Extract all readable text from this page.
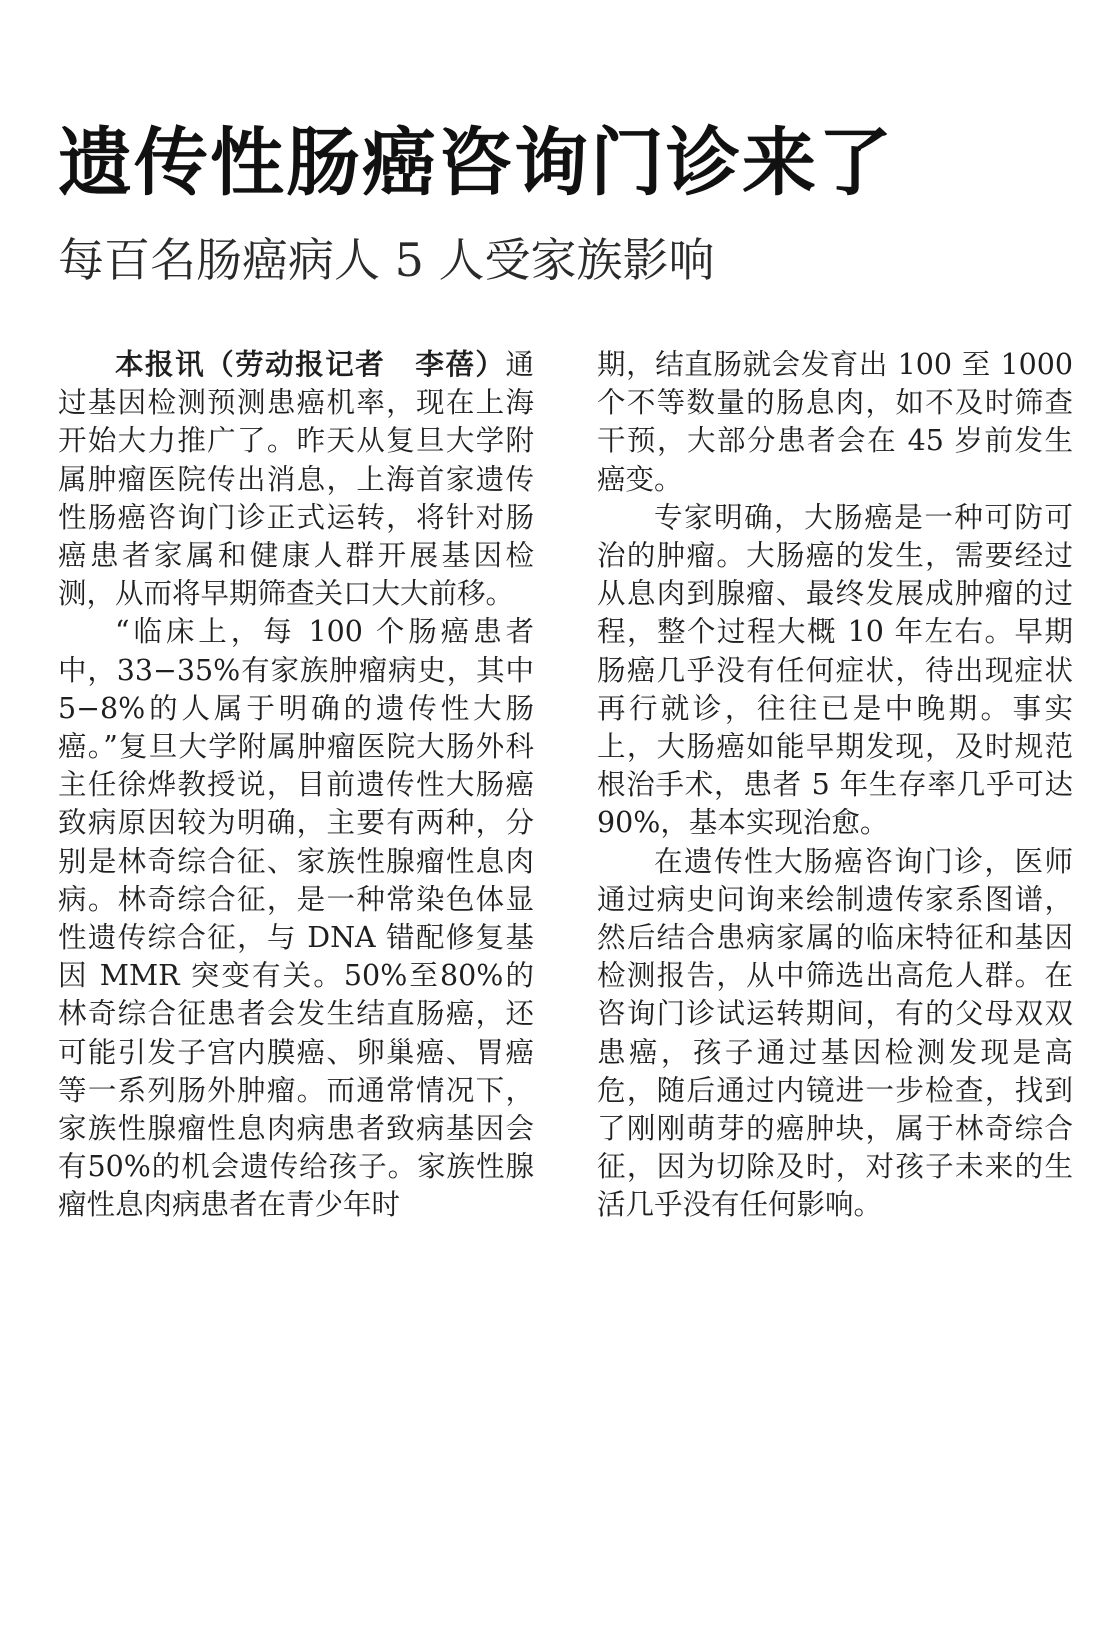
遗传性肠癌咨询门诊来了
每百名肠癌病人 5 人受家族影响

本报讯（劳动报记者　李蓓）通过基因检测预测患癌机率，现在上海开始大力推广了。昨天从复旦大学附属肿瘤医院传出消息，上海首家遗传性肠癌咨询门诊正式运转，将针对肠癌患者家属和健康人群开展基因检测，从而将早期筛查关口大大前移。

“临床上，每 100 个肠癌患者中，33−35%有家族肿瘤病史，其中 5−8%的人属于明确的遗传性大肠癌。”复旦大学附属肿瘤医院大肠外科主任徐烨教授说，目前遗传性大肠癌致病原因较为明确，主要有两种，分别是林奇综合征、家族性腺瘤性息肉病。林奇综合征，是一种常染色体显性遗传综合征，与 DNA 错配修复基因 MMR 突变有关。50%至80%的林奇综合征患者会发生结直肠癌，还可能引发子宫内膜癌、卵巢癌、胃癌等一系列肠外肿瘤。而通常情况下，家族性腺瘤性息肉病患者致病基因会有50%的机会遗传给孩子。家族性腺瘤性息肉病患者在青少年时

期，结直肠就会发育出 100 至 1000 个不等数量的肠息肉，如不及时筛查干预，大部分患者会在 45 岁前发生癌变。

专家明确，大肠癌是一种可防可治的肿瘤。大肠癌的发生，需要经过从息肉到腺瘤、最终发展成肿瘤的过程，整个过程大概 10 年左右。早期肠癌几乎没有任何症状，待出现症状再行就诊，往往已是中晚期。事实上，大肠癌如能早期发现，及时规范根治手术，患者 5 年生存率几乎可达 90%，基本实现治愈。

在遗传性大肠癌咨询门诊，医师通过病史问询来绘制遗传家系图谱，然后结合患病家属的临床特征和基因检测报告，从中筛选出高危人群。在咨询门诊试运转期间，有的父母双双患癌，孩子通过基因检测发现是高危，随后通过内镜进一步检查，找到了刚刚萌芽的癌肿块，属于林奇综合征，因为切除及时，对孩子未来的生活几乎没有任何影响。
